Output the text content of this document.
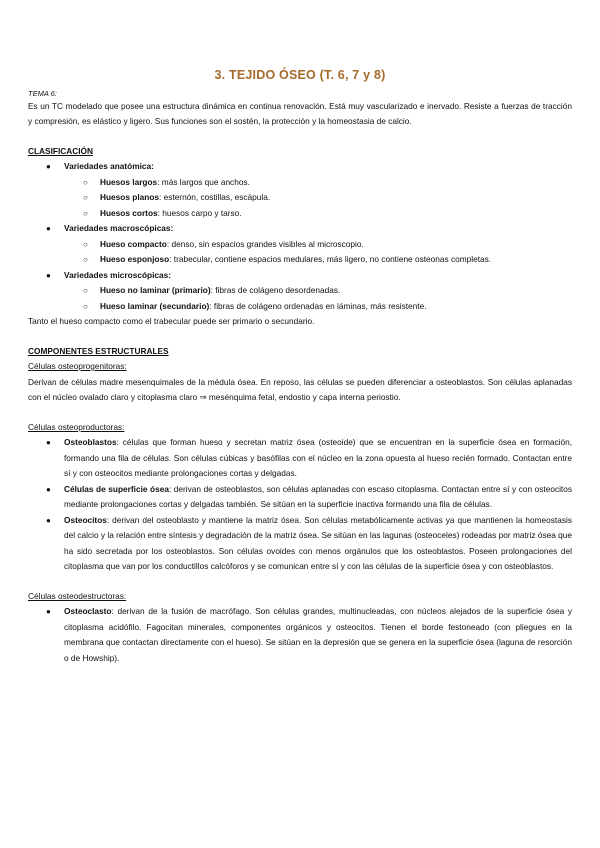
3. TEJIDO ÓSEO (T. 6, 7 y 8)
TEMA 6:

Es un TC modelado que posee una estructura dinámica en continua renovación. Está muy vascularizado e inervado. Resiste a fuerzas de tracción y compresión, es elástico y ligero. Sus funciones son el sostén, la protección y la homeostasia de calcio.

CLASIFICACIÓN
● Variedades anatómica:
○ Huesos largos: más largos que anchos.
○ Huesos planos: esternón, costillas, escápula.
○ Huesos cortos: huesos carpo y tarso.
● Variedades macroscópicas:
○ Hueso compacto: denso, sin espacios grandes visibles al microscopio.
○ Hueso esponjoso: trabecular, contiene espacios medulares, más ligero, no contiene osteonas completas.
● Variedades microscópicas:
○ Hueso no laminar (primario): fibras de colágeno desordenadas.
○ Hueso laminar (secundario): fibras de colágeno ordenadas en láminas, más resistente.

Tanto el hueso compacto como el trabecular puede ser primario o secundario.

COMPONENTES ESTRUCTURALES
Células osteoprogenitoras:

Derivan de células madre mesenquimales de la médula ósea. En reposo, las células se pueden diferenciar a osteoblastos. Son células aplanadas con el núcleo ovalado claro y citoplasma claro ⇒ mesénquima fetal, endostio y capa interna periostio.

Células osteoproductoras:
● Osteoblastos: células que forman hueso y secretan matriz ósea (osteoide) que se encuentran en la superficie ósea en formación, formando una fila de células. Son células cúbicas y basófilas con el núcleo en la zona opuesta al hueso recién formado. Contactan entre sí y con osteocitos mediante prolongaciones cortas y delgadas.
● Células de superficie ósea: derivan de osteoblastos, son células aplanadas con escaso citoplasma. Contactan entre sí y con osteocitos mediante prolongaciones cortas y delgadas también. Se sitúan en la superficie inactiva formando una fila de células.
● Osteocitos: derivan del osteoblasto y mantiene la matriz ósea. Son células metabólicamente activas ya que mantienen la homeostasis del calcio y la relación entre síntesis y degradación de la matriz ósea. Se sitúan en las lagunas (osteoceles) rodeadas por matriz ósea que ha sido secretada por los osteoblastos. Son células ovoides con menos orgánulos que los osteoblastos. Poseen prolongaciones del citoplasma que van por los conductillos calcóforos y se comunican entre sí y con las células de la superficie ósea y con osteoblastos.
Células osteodestructoras:
● Osteoclasto: derivan de la fusión de macrófago. Son células grandes, multinucleadas, con núcleos alejados de la superficie ósea y citoplasma acidófilo. Fagocitan minerales, componentes orgánicos y osteocitos. Tienen el borde festoneado (con pliegues en la membrana que contactan directamente con el hueso). Se sitúan en la depresión que se genera en la superficie ósea (laguna de resorción o de Howship).
